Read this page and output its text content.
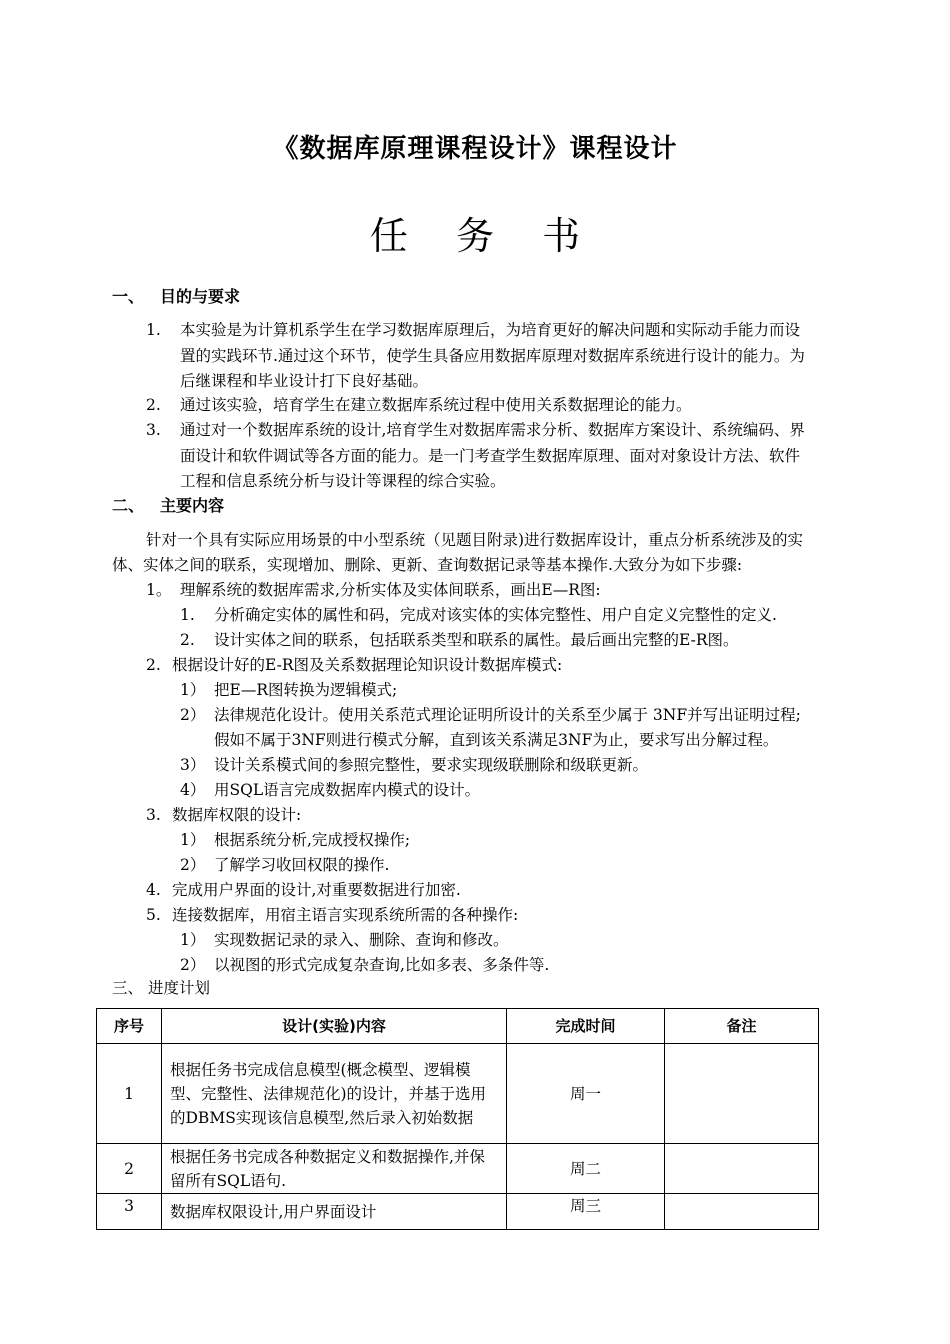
《数据库原理课程设计》课程设计
任 务 书
一、 目的与要求
1. 本实验是为计算机系学生在学习数据库原理后，为培育更好的解决问题和实际动手能力而设
置的实践环节.通过这个环节，使学生具备应用数据库原理对数据库系统进行设计的能力。为
后继课程和毕业设计打下良好基础。
2. 通过该实验，培育学生在建立数据库系统过程中使用关系数据理论的能力。
3. 通过对一个数据库系统的设计,培育学生对数据库需求分析、数据库方案设计、系统编码、界
面设计和软件调试等各方面的能力。是一门考查学生数据库原理、面对对象设计方法、软件
工程和信息系统分析与设计等课程的综合实验。
二、 主要内容
针对一个具有实际应用场景的中小型系统（见题目附录)进行数据库设计，重点分析系统涉及的实
体、实体之间的联系，实现增加、删除、更新、查询数据记录等基本操作.大致分为如下步骤:
1。 理解系统的数据库需求,分析实体及实体间联系，画出E—R图:
1. 分析确定实体的属性和码，完成对该实体的实体完整性、用户自定义完整性的定义.
2. 设计实体之间的联系，包括联系类型和联系的属性。最后画出完整的E-R图。
2. 根据设计好的E-R图及关系数据理论知识设计数据库模式:
1） 把E—R图转换为逻辑模式;
2） 法律规范化设计。使用关系范式理论证明所设计的关系至少属于 3NF并写出证明过程;
假如不属于3NF则进行模式分解，直到该关系满足3NF为止，要求写出分解过程。
3） 设计关系模式间的参照完整性，要求实现级联删除和级联更新。
4） 用SQL语言完成数据库内模式的设计。
3. 数据库权限的设计:
1） 根据系统分析,完成授权操作;
2） 了解学习收回权限的操作.
4. 完成用户界面的设计,对重要数据进行加密.
5. 连接数据库，用宿主语言实现系统所需的各种操作:
1） 实现数据记录的录入、删除、查询和修改。
2） 以视图的形式完成复杂查询,比如多表、多条件等.
三、 进度计划
序号	设计(实验)内容	完成时间	备注
1	根据任务书完成信息模型(概念模型、逻辑模型、完整性、法律规范化)的设计，并基于选用的DBMS实现该信息模型,然后录入初始数据	周一	
2	根据任务书完成各种数据定义和数据操作,并保留所有SQL语句.	周二	
3	数据库权限设计,用户界面设计	周三	
